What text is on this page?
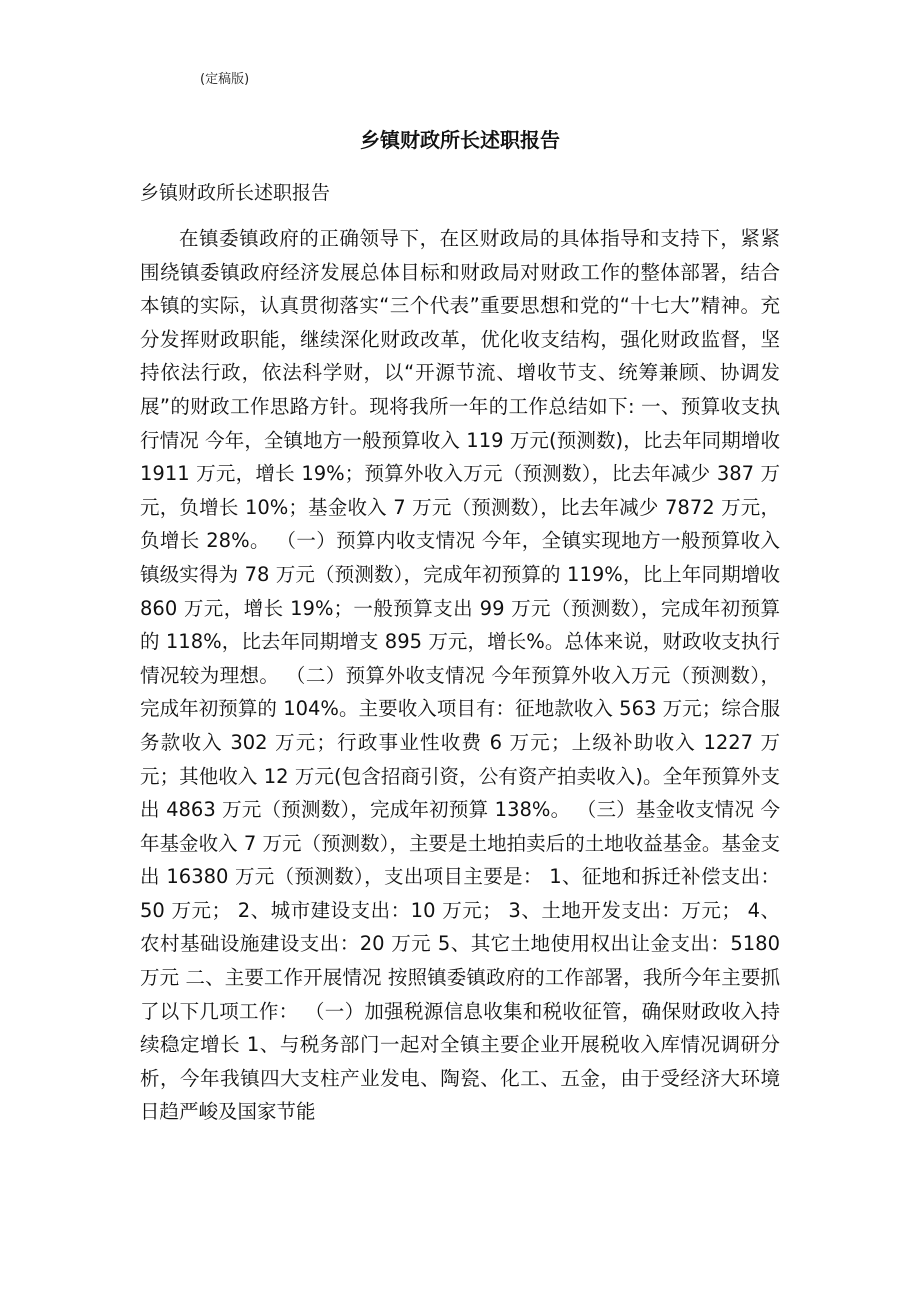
(定稿版)

乡镇财政所长述职报告

乡镇财政所长述职报告

在镇委镇政府的正确领导下，在区财政局的具体指导和支持下，紧紧围绕镇委镇政府经济发展总体目标和财政局对财政工作的整体部署，结合本镇的实际，认真贯彻落实“三个代表”重要思想和党的“十七大”精神。充分发挥财政职能，继续深化财政改革，优化收支结构，强化财政监督，坚持依法行政，依法科学财，以“开源节流、增收节支、统筹兼顾、协调发展”的财政工作思路方针。现将我所一年的工作总结如下: 一、预算收支执行情况 今年，全镇地方一般预算收入 119 万元(预测数)，比去年同期增收 1911 万元，增长 19%；预算外收入万元（预测数），比去年减少 387 万元，负增长 10%；基金收入 7 万元（预测数），比去年减少 7872 万元，负增长 28%。 （一）预算内收支情况 今年，全镇实现地方一般预算收入镇级实得为 78 万元（预测数），完成年初预算的 119%，比上年同期增收 860 万元，增长 19%；一般预算支出 99 万元（预测数），完成年初预算的 118%，比去年同期增支 895 万元，增长%。总体来说，财政收支执行情况较为理想。 （二）预算外收支情况 今年预算外收入万元（预测数），完成年初预算的 104%。主要收入项目有：征地款收入 563 万元；综合服务款收入 302 万元；行政事业性收费 6 万元；上级补助收入 1227 万元；其他收入 12 万元(包含招商引资，公有资产拍卖收入)。全年预算外支出 4863 万元（预测数），完成年初预算 138%。 （三）基金收支情况 今年基金收入 7 万元（预测数），主要是土地拍卖后的土地收益基金。基金支出 16380 万元（预测数），支出项目主要是： 1、征地和拆迁补偿支出：50 万元； 2、城市建设支出：10 万元； 3、土地开发支出：万元； 4、农村基础设施建设支出：20 万元 5、其它土地使用权出让金支出：5180 万元 二、主要工作开展情况 按照镇委镇政府的工作部署，我所今年主要抓了以下几项工作： （一）加强税源信息收集和税收征管，确保财政收入持续稳定增长 1、与税务部门一起对全镇主要企业开展税收入库情况调研分析，今年我镇四大支柱产业发电、陶瓷、化工、五金，由于受经济大环境日趋严峻及国家节能
